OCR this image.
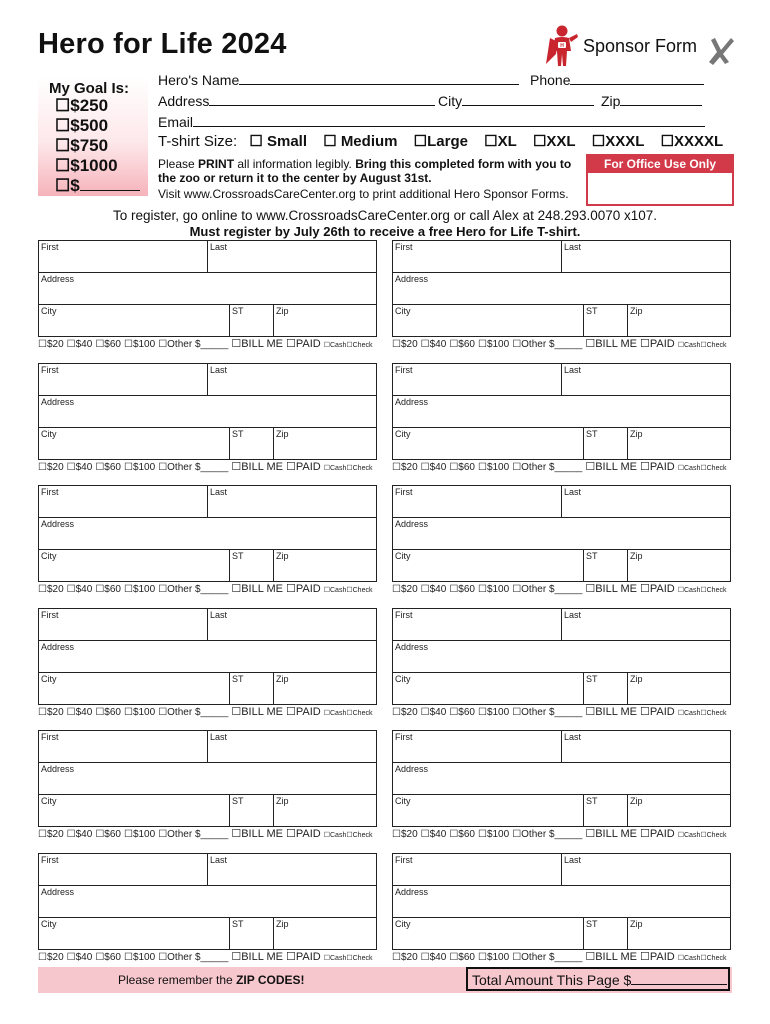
Hero for Life 2024	H Sponsor Form
My Goal Is:
☐$250
☐$500
☐$750
☐$1000
☐$
Hero's Name	Phone
Address	City	Zip
Email
T-shirt Size: ☐ Small ☐ Medium ☐Large ☐XL ☐XXL ☐XXXL ☐XXXXL
Please PRINT all information legibly. Bring this completed form with you to the zoo or return it to the center by August 31st.
Visit www.CrossroadsCareCenter.org to print additional Hero Sponsor Forms.
For Office Use Only
To register, go online to www.CrossroadsCareCenter.org or call Alex at 248.293.0070 x107.
Must register by July 26th to receive a free Hero for Life T-shirt.
First	Last
Address
City	ST	Zip
☐$20 ☐$40 ☐$60 ☐$100 ☐Other $_____ ☐BILL ME ☐PAID ☐Cash☐Check
First	Last
Address
City	ST	Zip
☐$20 ☐$40 ☐$60 ☐$100 ☐Other $_____ ☐BILL ME ☐PAID ☐Cash☐Check
First	Last
Address
City	ST	Zip
☐$20 ☐$40 ☐$60 ☐$100 ☐Other $_____ ☐BILL ME ☐PAID ☐Cash☐Check
First	Last
Address
City	ST	Zip
☐$20 ☐$40 ☐$60 ☐$100 ☐Other $_____ ☐BILL ME ☐PAID ☐Cash☐Check
First	Last
Address
City	ST	Zip
☐$20 ☐$40 ☐$60 ☐$100 ☐Other $_____ ☐BILL ME ☐PAID ☐Cash☐Check
First	Last
Address
City	ST	Zip
☐$20 ☐$40 ☐$60 ☐$100 ☐Other $_____ ☐BILL ME ☐PAID ☐Cash☐Check
First	Last
Address
City	ST	Zip
☐$20 ☐$40 ☐$60 ☐$100 ☐Other $_____ ☐BILL ME ☐PAID ☐Cash☐Check
First	Last
Address
City	ST	Zip
☐$20 ☐$40 ☐$60 ☐$100 ☐Other $_____ ☐BILL ME ☐PAID ☐Cash☐Check
First	Last
Address
City	ST	Zip
☐$20 ☐$40 ☐$60 ☐$100 ☐Other $_____ ☐BILL ME ☐PAID ☐Cash☐Check
First	Last
Address
City	ST	Zip
☐$20 ☐$40 ☐$60 ☐$100 ☐Other $_____ ☐BILL ME ☐PAID ☐Cash☐Check
First	Last
Address
City	ST	Zip
☐$20 ☐$40 ☐$60 ☐$100 ☐Other $_____ ☐BILL ME ☐PAID ☐Cash☐Check
First	Last
Address
City	ST	Zip
☐$20 ☐$40 ☐$60 ☐$100 ☐Other $_____ ☐BILL ME ☐PAID ☐Cash☐Check
Please remember the ZIP CODES!	Total Amount This Page $
